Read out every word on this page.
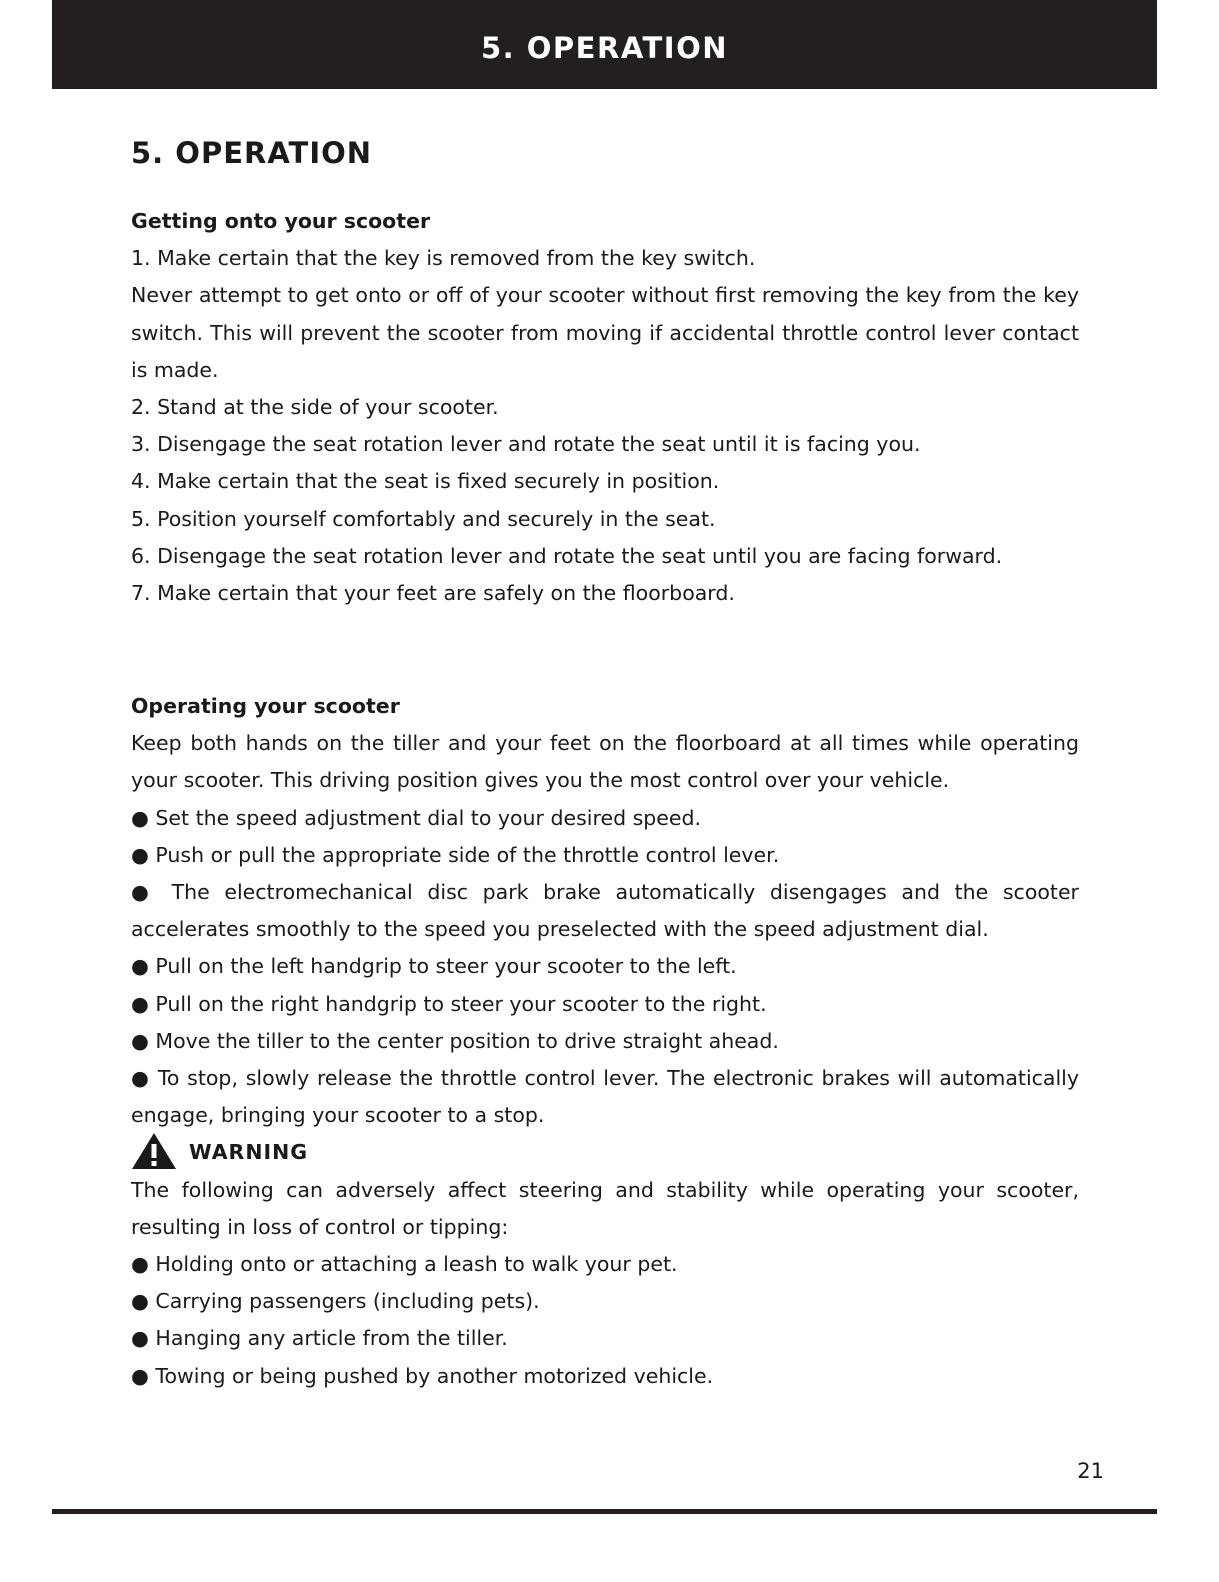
5. OPERATION
5. OPERATION

Getting onto your scooter

1. Make certain that the key is removed from the key switch.

Never attempt to get onto or off of your scooter without first removing the key from the key switch. This will prevent the scooter from moving if accidental throttle control lever contact is made.

2. Stand at the side of your scooter.

3. Disengage the seat rotation lever and rotate the seat until it is facing you.

4. Make certain that the seat is fixed securely in position.

5. Position yourself comfortably and securely in the seat.

6. Disengage the seat rotation lever and rotate the seat until you are facing forward.

7. Make certain that your feet are safely on the floorboard.

Operating your scooter

Keep both hands on the tiller and your feet on the floorboard at all times while operating your scooter. This driving position gives you the most control over your vehicle.

● Set the speed adjustment dial to your desired speed.

● Push or pull the appropriate side of the throttle control lever.

● The electromechanical disc park brake automatically disengages and the scooter accelerates smoothly to the speed you preselected with the speed adjustment dial.

● Pull on the left handgrip to steer your scooter to the left.

● Pull on the right handgrip to steer your scooter to the right.

● Move the tiller to the center position to drive straight ahead.

● To stop, slowly release the throttle control lever. The electronic brakes will automatically engage, bringing your scooter to a stop.

WARNING

The following can adversely affect steering and stability while operating your scooter, resulting in loss of control or tipping:

● Holding onto or attaching a leash to walk your pet.

● Carrying passengers (including pets).

● Hanging any article from the tiller.

● Towing or being pushed by another motorized vehicle.

21
